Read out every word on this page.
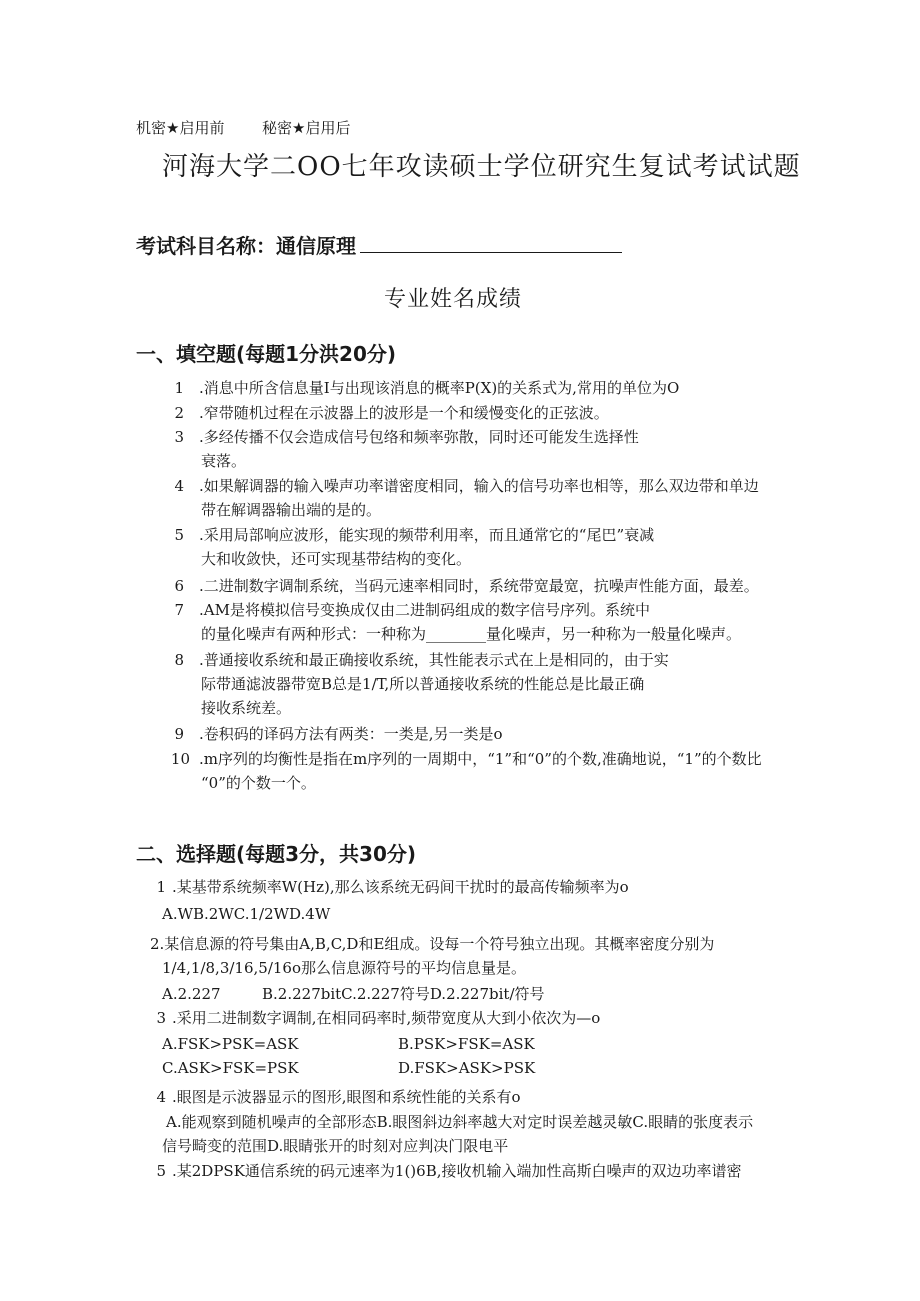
机密★启用前	秘密★启用后
河海大学二OO七年攻读硕士学位研究生复试考试试题
考试科目名称：通信原理
专业姓名成绩
一、填空题(每题1分洪20分)
1 .消息中所含信息量I与出现该消息的概率P(X)的关系式为,常用的单位为O
2 .窄带随机过程在示波器上的波形是一个和缓慢变化的正弦波。
3 .多经传播不仅会造成信号包络和频率弥散，同时还可能发生选择性
衰落。
4 .如果解调器的输入噪声功率谱密度相同，输入的信号功率也相等，那么双边带和单边
带在解调器输出端的是的。
5 .采用局部响应波形，能实现的频带利用率，而且通常它的“尾巴”衰减
大和收敛快，还可实现基带结构的变化。
6 .二进制数字调制系统，当码元速率相同时，系统带宽最宽，抗噪声性能方面，最差。
7 .AM是将模拟信号变换成仅由二进制码组成的数字信号序列。系统中
的量化噪声有两种形式：一种称为________量化噪声，另一种称为一般量化噪声。
8 .普通接收系统和最正确接收系统，其性能表示式在上是相同的，由于实
际带通滤波器带宽B总是1/T,所以普通接收系统的性能总是比最正确
接收系统差。
9 .卷积码的译码方法有两类：一类是,另一类是o
10 .m序列的均衡性是指在m序列的一周期中，“1”和“0”的个数,准确地说，“1”的个数比
“0”的个数一个。
二、选择题(每题3分，共30分)
1 .某基带系统频率W(Hz),那么该系统无码间干扰时的最高传输频率为o
A.WB.2WC.1/2WD.4W
2.某信息源的符号集由A,B,C,D和E组成。设每一个符号独立出现。其概率密度分别为
1/4,1/8,3/16,5/16o那么信息源符号的平均信息量是。
A.2.227	B.2.227bitC.2.227符号D.2.227bit/符号
3 .采用二进制数字调制,在相同码率时,频带宽度从大到小依次为—o
A.FSK>PSK=ASK	B.PSK>FSK=ASK
C.ASK>FSK=PSK	D.FSK>ASK>PSK
4 .眼图是示波器显示的图形,眼图和系统性能的关系有o
A.能观察到随机噪声的全部形态B.眼图斜边斜率越大对定时误差越灵敏C.眼睛的张度表示
信号畸变的范围D.眼睛张开的时刻对应判决门限电平
5 .某2DPSK通信系统的码元速率为1()6B,接收机输入端加性高斯白噪声的双边功率谱密
